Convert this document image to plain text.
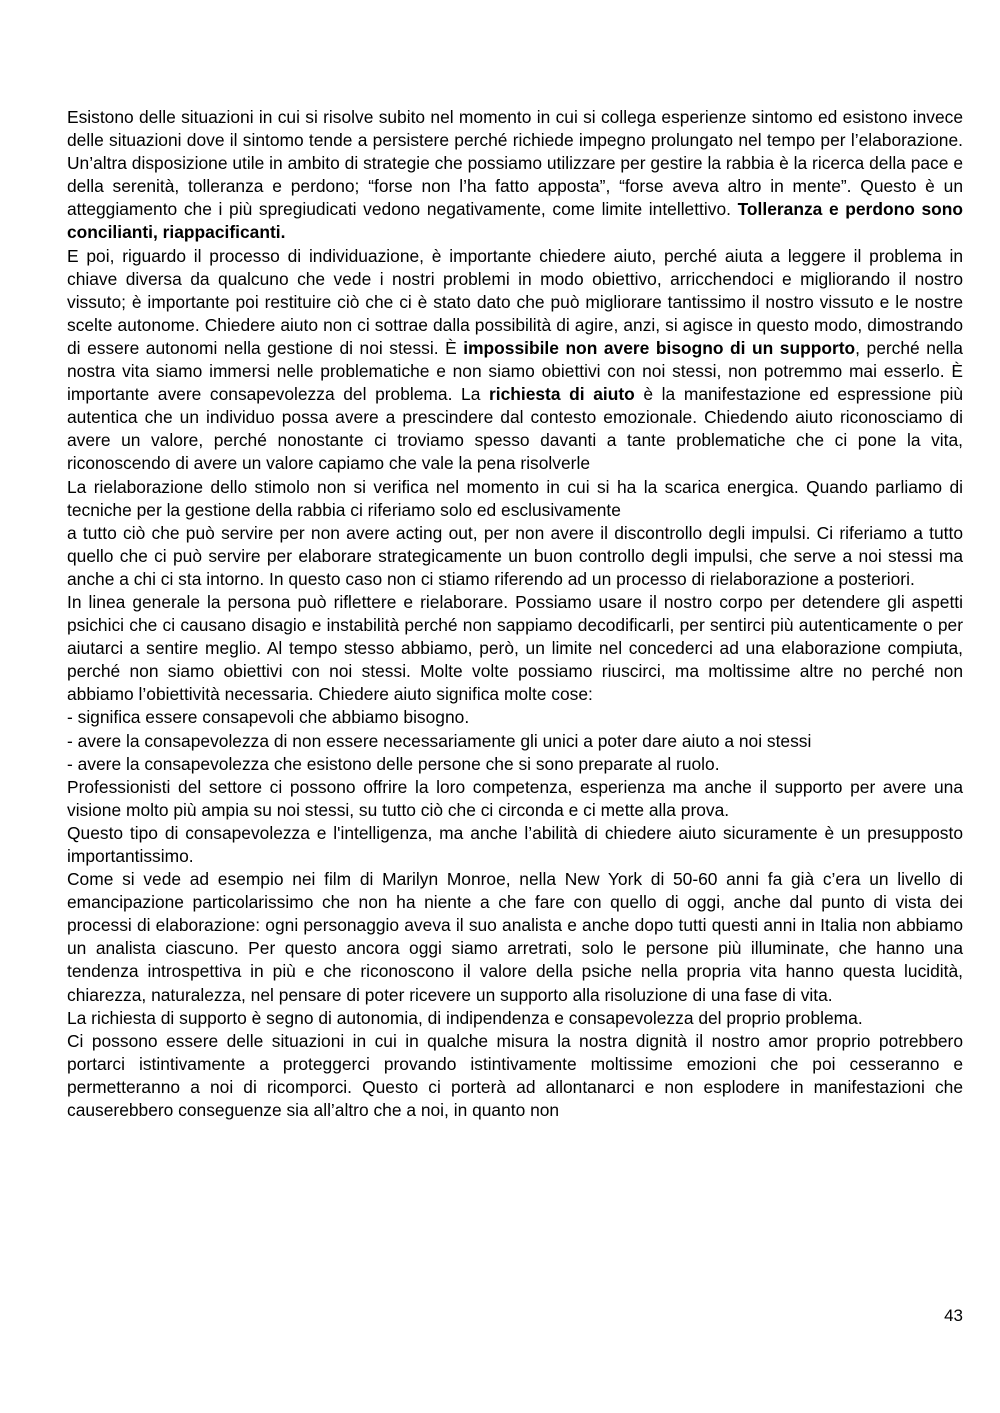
Esistono delle situazioni in cui si risolve subito nel momento in cui si collega esperienze sintomo ed esistono invece delle situazioni dove il sintomo tende a persistere perché richiede impegno prolungato nel tempo per l’elaborazione. Un’altra disposizione utile in ambito di strategie che possiamo utilizzare per gestire la rabbia è la ricerca della pace e della serenità, tolleranza e perdono; “forse non l’ha fatto apposta”, “forse aveva altro in mente”. Questo è un atteggiamento che i più spregiudicati vedono negativamente, come limite intellettivo. Tolleranza e perdono sono concilianti, riappacificanti.

E poi, riguardo il processo di individuazione, è importante chiedere aiuto, perché aiuta a leggere il problema in chiave diversa da qualcuno che vede i nostri problemi in modo obiettivo, arricchendoci e migliorando il nostro vissuto; è importante poi restituire ciò che ci è stato dato che può migliorare tantissimo il nostro vissuto e le nostre scelte autonome. Chiedere aiuto non ci sottrae dalla possibilità di agire, anzi, si agisce in questo modo, dimostrando di essere autonomi nella gestione di noi stessi. È impossibile non avere bisogno di un supporto, perché nella nostra vita siamo immersi nelle problematiche e non siamo obiettivi con noi stessi, non potremmo mai esserlo. È importante avere consapevolezza del problema. La richiesta di aiuto è la manifestazione ed espressione più autentica che un individuo possa avere a prescindere dal contesto emozionale. Chiedendo aiuto riconosciamo di avere un valore, perché nonostante ci troviamo spesso davanti a tante problematiche che ci pone la vita, riconoscendo di avere un valore capiamo che vale la pena risolverle

La rielaborazione dello stimolo non si verifica nel momento in cui si ha la scarica energica. Quando parliamo di tecniche per la gestione della rabbia ci riferiamo solo ed esclusivamente

a tutto ciò che può servire per non avere acting out, per non avere il discontrollo degli impulsi. Ci riferiamo a tutto quello che ci può servire per elaborare strategicamente un buon controllo degli impulsi, che serve a noi stessi ma anche a chi ci sta intorno. In questo caso non ci stiamo riferendo ad un processo di rielaborazione a posteriori.

In linea generale la persona può riflettere e rielaborare. Possiamo usare il nostro corpo per detendere gli aspetti psichici che ci causano disagio e instabilità perché non sappiamo decodificarli, per sentirci più autenticamente o per aiutarci a sentire meglio. Al tempo stesso abbiamo, però, un limite nel concederci ad una elaborazione compiuta, perché non siamo obiettivi con noi stessi. Molte volte possiamo riuscirci, ma moltissime altre no perché non abbiamo l’obiettività necessaria. Chiedere aiuto significa molte cose:

- significa essere consapevoli che abbiamo bisogno.

- avere la consapevolezza di non essere necessariamente gli unici a poter dare aiuto a noi stessi

- avere la consapevolezza che esistono delle persone che si sono preparate al ruolo.

Professionisti del settore ci possono offrire la loro competenza, esperienza ma anche il supporto per avere una visione molto più ampia su noi stessi, su tutto ciò che ci circonda e ci mette alla prova.

Questo tipo di consapevolezza e l'intelligenza, ma anche l’abilità di chiedere aiuto sicuramente è un presupposto importantissimo.

Come si vede ad esempio nei film di Marilyn Monroe, nella New York di 50-60 anni fa già c’era un livello di emancipazione particolarissimo che non ha niente a che fare con quello di oggi, anche dal punto di vista dei processi di elaborazione: ogni personaggio aveva il suo analista e anche dopo tutti questi anni in Italia non abbiamo un analista ciascuno. Per questo ancora oggi siamo arretrati, solo le persone più illuminate, che hanno una tendenza introspettiva in più e che riconoscono il valore della psiche nella propria vita hanno questa lucidità, chiarezza, naturalezza, nel pensare di poter ricevere un supporto alla risoluzione di una fase di vita.

La richiesta di supporto è segno di autonomia, di indipendenza e consapevolezza del proprio problema.

Ci possono essere delle situazioni in cui in qualche misura la nostra dignità il nostro amor proprio potrebbero portarci istintivamente a proteggerci provando istintivamente moltissime emozioni che poi cesseranno e permetteranno a noi di ricomporci. Questo ci porterà ad allontanarci e non esplodere in manifestazioni che causerebbero conseguenze sia all’altro che a noi, in quanto non

43
